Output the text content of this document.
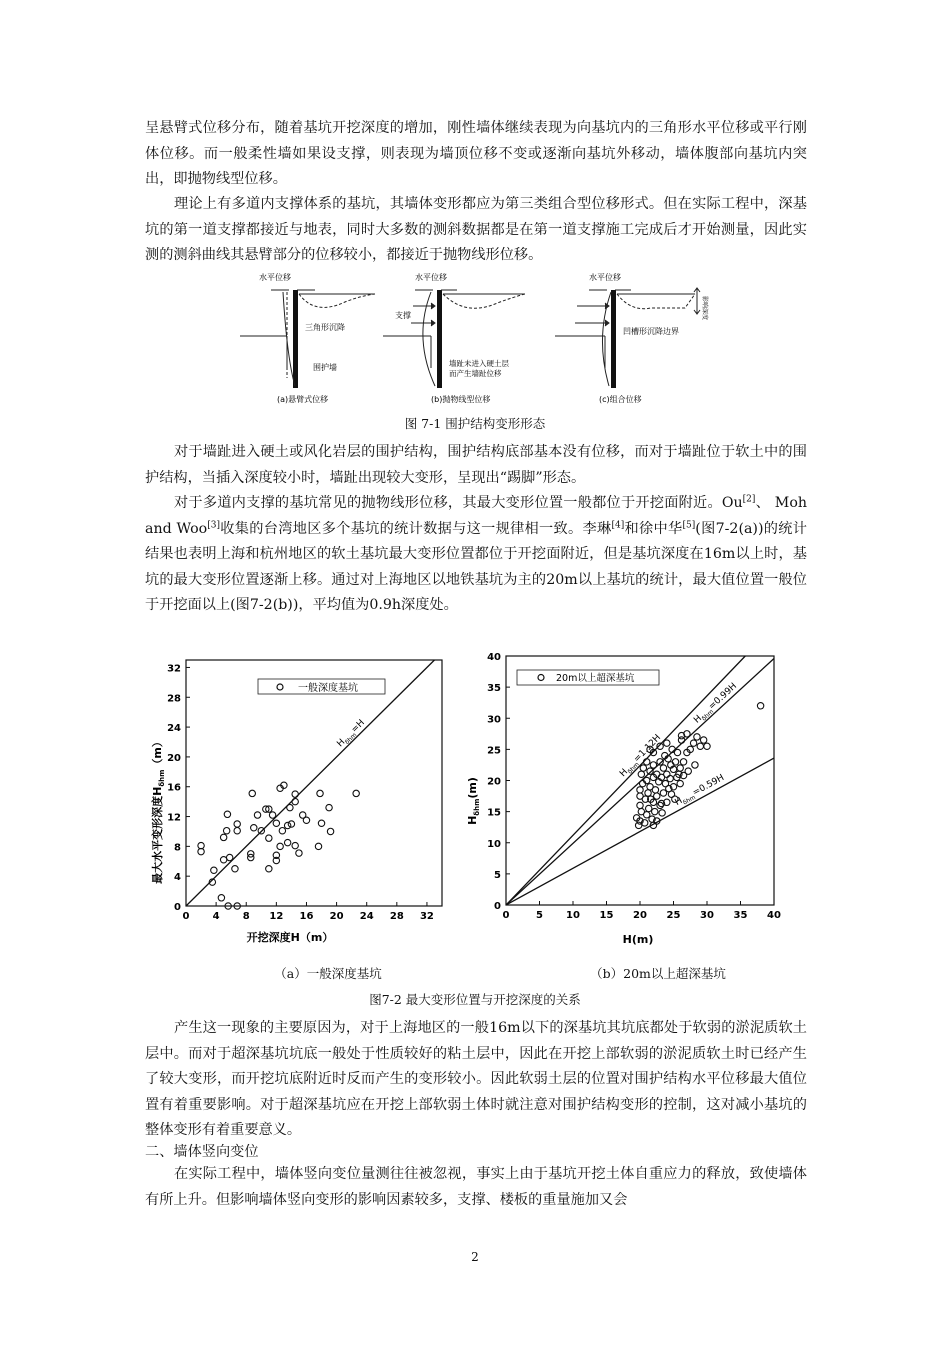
呈悬臂式位移分布，随着基坑开挖深度的增加，刚性墙体继续表现为向基坑内的三角形水平位移或平行刚体位移。而一般柔性墙如果设支撑，则表现为墙顶位移不变或逐渐向基坑外移动，墙体腹部向基坑内突出，即抛物线型位移。

理论上有多道内支撑体系的基坑，其墙体变形都应为第三类组合型位移形式。但在实际工程中，深基坑的第一道支撑都接近与地表，同时大多数的测斜数据都是在第一道支撑施工完成后才开始测量，因此实测的测斜曲线其悬臂部分的位移较小，都接近于抛物线形位移。

水平位移
三角形沉降
围护墙
(a)悬臂式位移
水平位移
支撑
墙趾未进入硬土层
而产生墙趾位移
(b)抛物线型位移
水平位移
凹槽形沉降边界
影响深度
(c)组合位移

图 7-1 围护结构变形形态

对于墙趾进入硬土或风化岩层的围护结构，围护结构底部基本没有位移，而对于墙趾位于软土中的围护结构，当插入深度较小时，墙趾出现较大变形，呈现出“踢脚”形态。

对于多道内支撑的基坑常见的抛物线形位移，其最大变形位置一般都位于开挖面附近。Ou[2]、 Moh and Woo[3]收集的台湾地区多个基坑的统计数据与这一规律相一致。李琳[4]和徐中华[5](图7-2(a))的统计结果也表明上海和杭州地区的软土基坑最大变形位置都位于开挖面附近，但是基坑深度在16m以上时，基坑的最大变形位置逐渐上移。通过对上海地区以地铁基坑为主的20m以上基坑的统计，最大值位置一般位于开挖面以上(图7-2(b))，平均值为0.9h深度处。

0 4 8 12 16 20 24 28 32
0
4
8
12
16
20
24
28
32
$H_{\delta hm}=H$
一般深度基坑
开挖深度H（m）
最大水平变形深度$H_{\delta hm}(m)$
0	5 10 15 20 25 30 35 40
0
5
10
15
20
25
30
35
40
$H_{\delta hm}=1.12H$
$H_{\delta hm}=0.99H$
$H_{\delta hm}=0.59H$
20m以上超深基坑
H(m)
$H_{\delta hm}(m)$

（a）一般深度基坑	（b）20m以上超深基坑

图7-2 最大变形位置与开挖深度的关系

产生这一现象的主要原因为，对于上海地区的一般16m以下的深基坑其坑底都处于软弱的淤泥质软土层中。而对于超深基坑坑底一般处于性质较好的粘土层中，因此在开挖上部软弱的淤泥质软土时已经产生了较大变形，而开挖坑底附近时反而产生的变形较小。因此软弱土层的位置对围护结构水平位移最大值位置有着重要影响。对于超深基坑应在开挖上部软弱土体时就注意对围护结构变形的控制，这对减小基坑的整体变形有着重要意义。

二、墙体竖向变位

在实际工程中，墙体竖向变位量测往往被忽视，事实上由于基坑开挖土体自重应力的释放，致使墙体有所上升。但影响墙体竖向变形的影响因素较多，支撑、楼板的重量施加又会

2
